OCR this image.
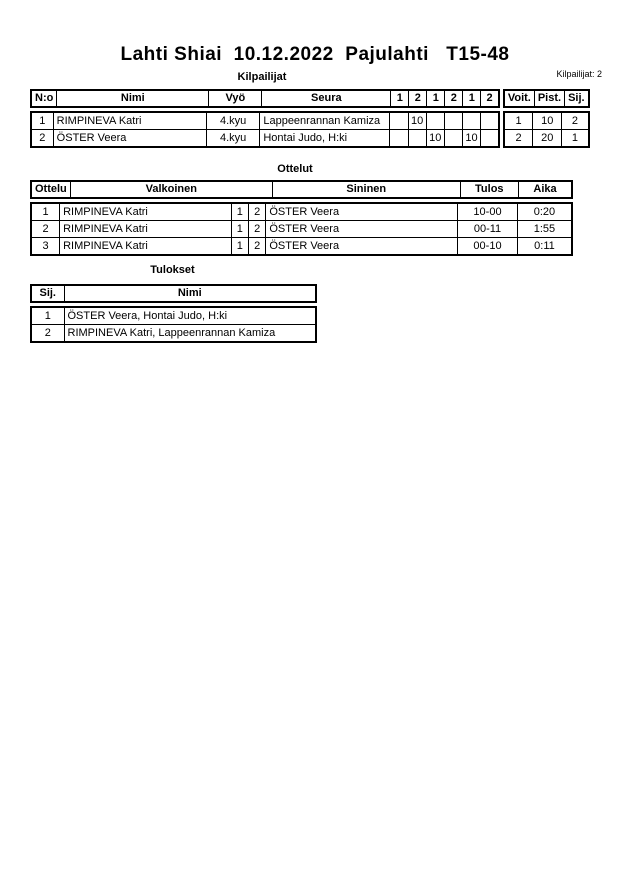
Lahti Shiai  10.12.2022  Pajulahti   T15-48
Kilpailijat	Kilpailijat: 2
N:o	Nimi	Vyö	Seura	1	2	1	2	1	2
1	RIMPINEVA Katri	4.kyu	Lappeenrannan Kamiza		10				
2	ÖSTER Veera	4.kyu	Hontai Judo, H:ki			10		10	
Voit.	Pist.	Sij.
1	10	2
2	20	1
Ottelut
Ottelu	Valkoinen	Sininen	Tulos	Aika
1	RIMPINEVA Katri	1	2	ÖSTER Veera	10-00	0:20
2	RIMPINEVA Katri	1	2	ÖSTER Veera	00-11	1:55
3	RIMPINEVA Katri	1	2	ÖSTER Veera	00-10	0:11
Tulokset
Sij.	Nimi
1	ÖSTER Veera, Hontai Judo, H:ki
2	RIMPINEVA Katri, Lappeenrannan Kamiza
